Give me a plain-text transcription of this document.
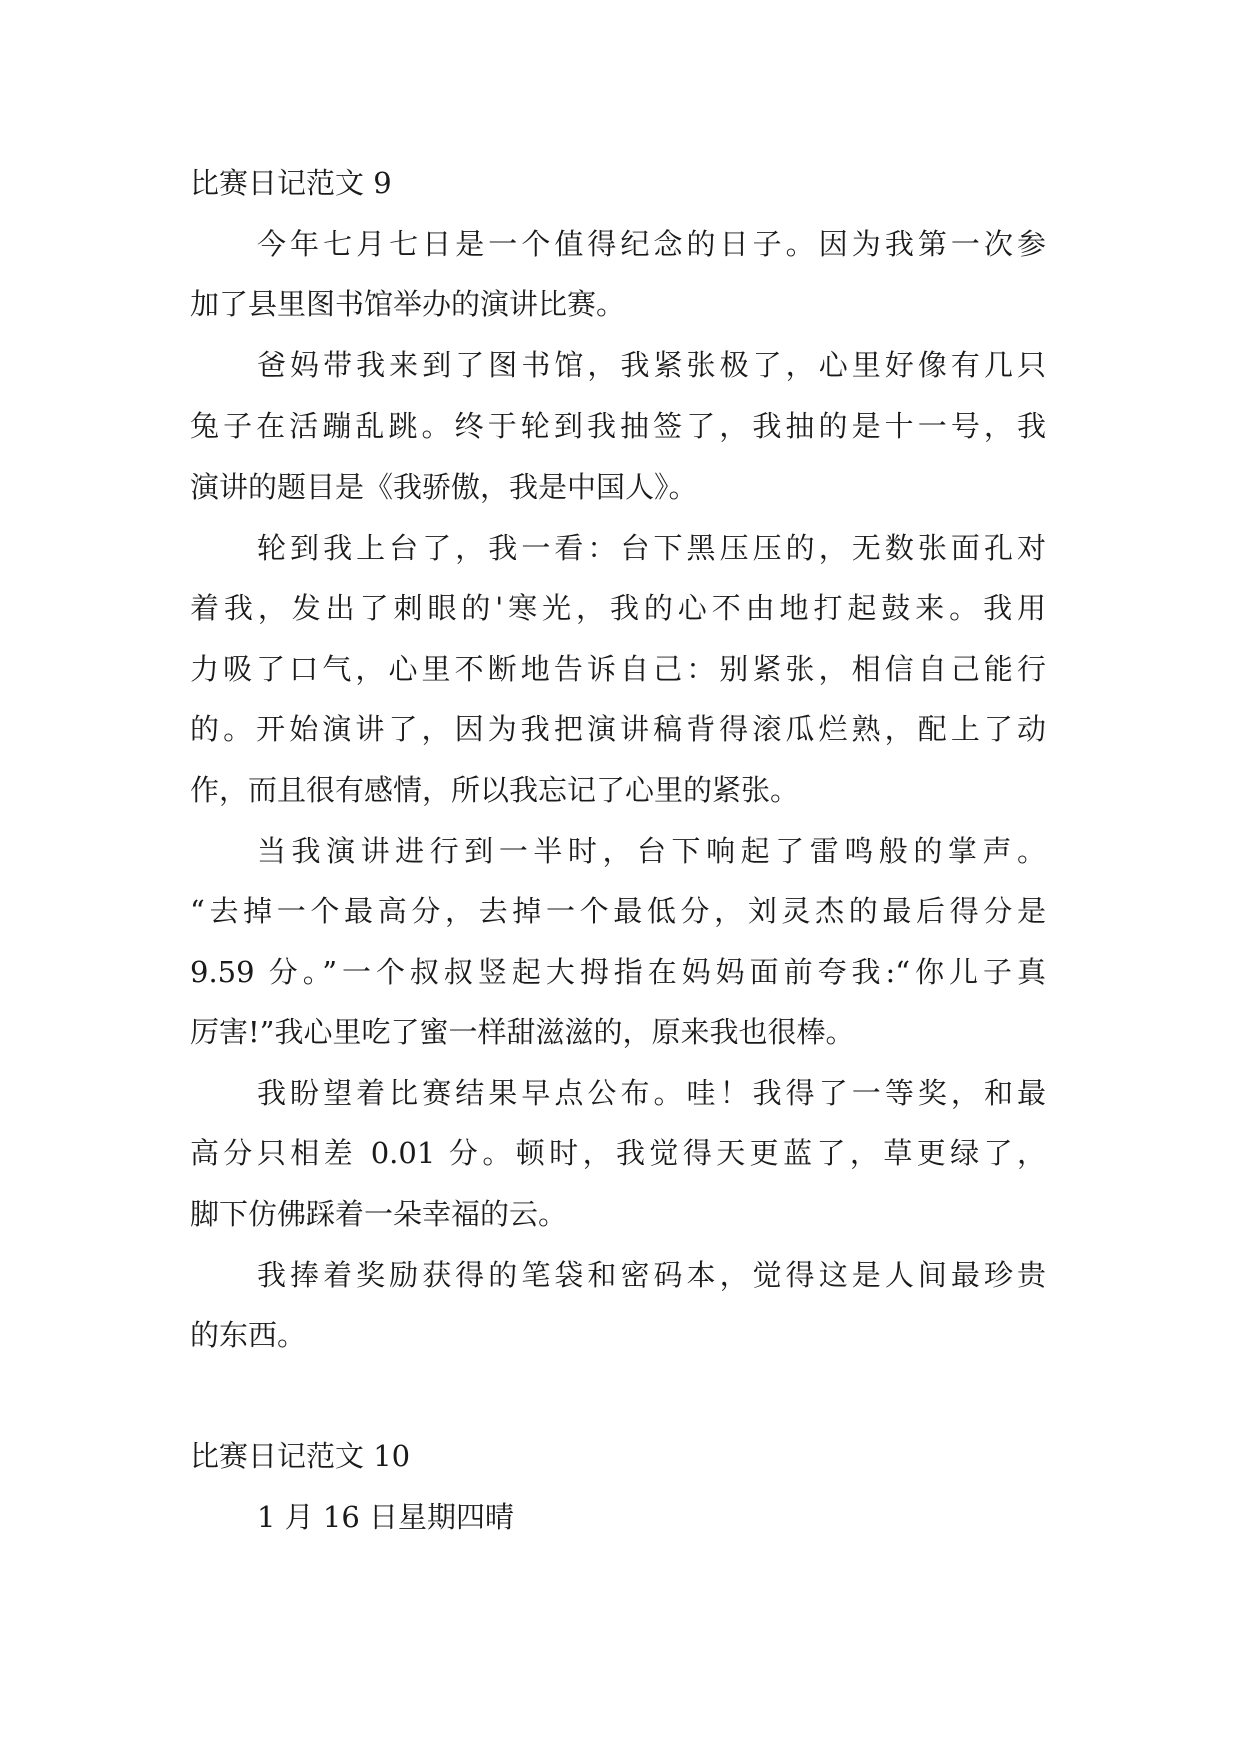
比赛日记范文 9
今年七月七日是一个值得纪念的日子。因为我第一次参
加了县里图书馆举办的演讲比赛。
爸妈带我来到了图书馆，我紧张极了，心里好像有几只
兔子在活蹦乱跳。终于轮到我抽签了，我抽的是十一号，我
演讲的题目是《我骄傲，我是中国人》。
轮到我上台了，我一看：台下黑压压的，无数张面孔对
着我，发出了刺眼的'寒光，我的心不由地打起鼓来。我用
力吸了口气，心里不断地告诉自己：别紧张，相信自己能行
的。开始演讲了，因为我把演讲稿背得滚瓜烂熟，配上了动
作，而且很有感情，所以我忘记了心里的紧张。
当我演讲进行到一半时，台下响起了雷鸣般的掌声。
“去掉一个最高分，去掉一个最低分，刘灵杰的最后得分是
9.59 分。”一个叔叔竖起大拇指在妈妈面前夸我:“你儿子真
厉害!”我心里吃了蜜一样甜滋滋的，原来我也很棒。
我盼望着比赛结果早点公布。哇！我得了一等奖，和最
高分只相差 0.01 分。顿时，我觉得天更蓝了，草更绿了，
脚下仿佛踩着一朵幸福的云。
我捧着奖励获得的笔袋和密码本，觉得这是人间最珍贵
的东西。
比赛日记范文 10
1 月 16 日星期四晴
